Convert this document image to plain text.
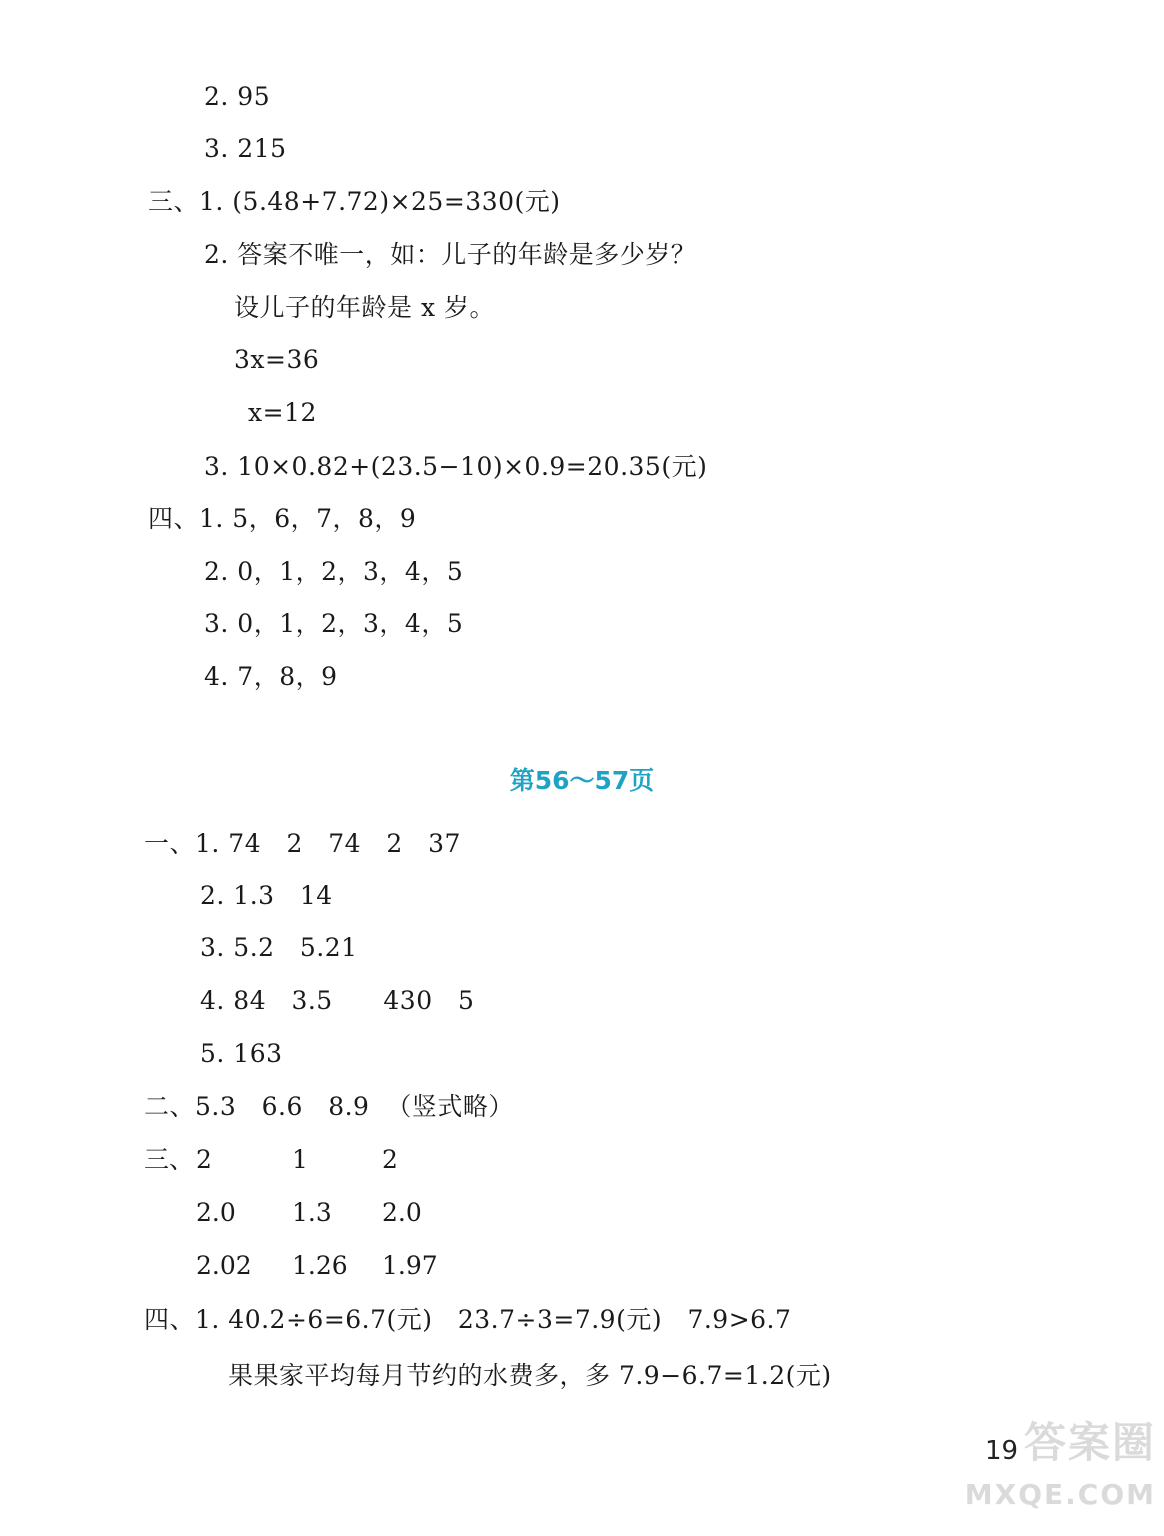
2. 95
3. 215
三、1. (5.48+7.72)×25=330(元)
2. 答案不唯一，如：儿子的年龄是多少岁？
设儿子的年龄是 x 岁。
3x=36
x=12
3. 10×0.82+(23.5−10)×0.9=20.35(元)
四、1. 5，6，7，8，9
2. 0，1，2，3，4，5
3. 0，1，2，3，4，5
4. 7，8，9
第56～57页
一、1. 74   2   74   2   37
2. 1.3   14
3. 5.2   5.21
4. 84   3.5      430   5
5. 163
二、5.3   6.6   8.9  （竖式略）
三、 2	1	2
2.0 1.3 2.0
2.02 1.26 1.97
四、1. 40.2÷6=6.7(元)   23.7÷3=7.9(元)   7.9>6.7
果果家平均每月节约的水费多，多 7.9−6.7=1.2(元)
19 答案圈
MXQE.COM
